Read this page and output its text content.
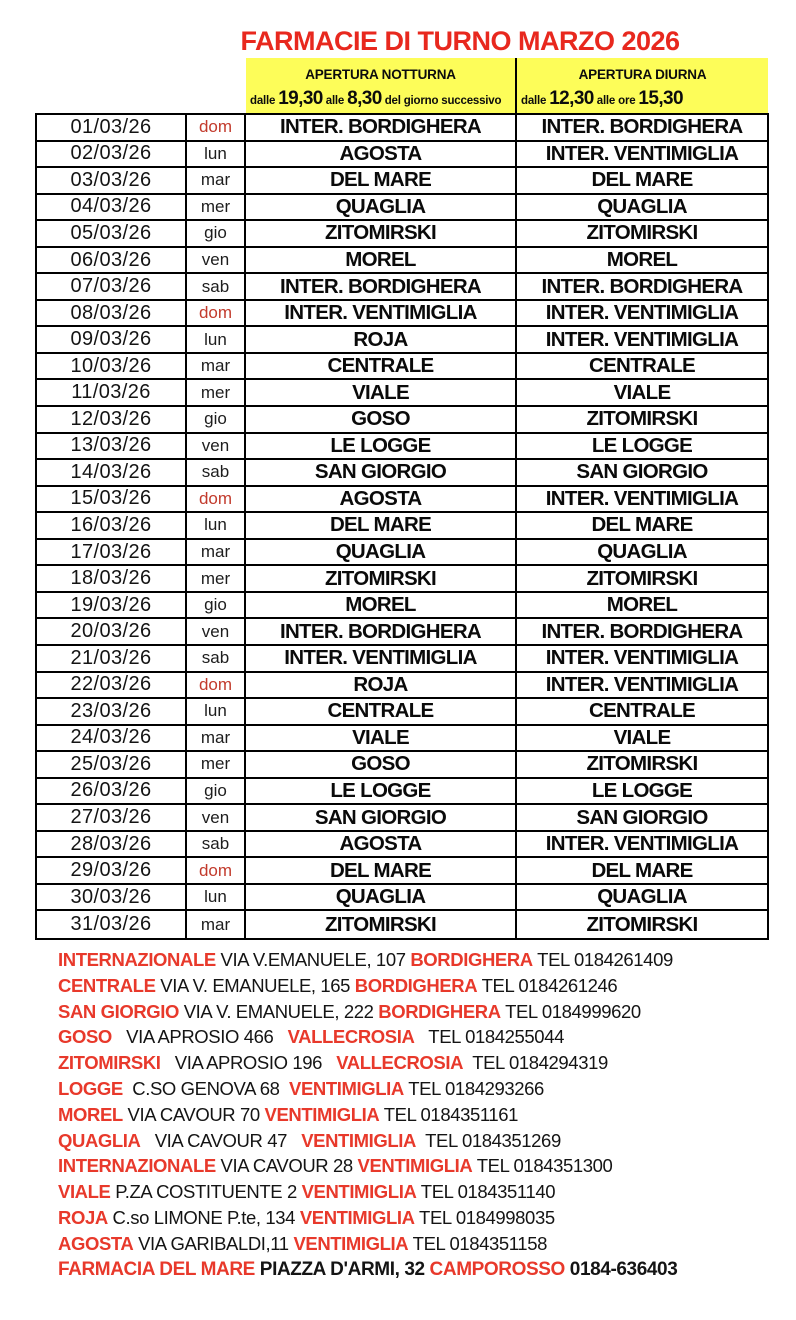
FARMACIE DI TURNO MARZO 2026
APERTURA NOTTURNA
dalle 19,30 alle 8,30 del giorno successivo
APERTURA DIURNA
dalle 12,30 alle ore 15,30
01/03/26	dom	INTER. BORDIGHERA	INTER. BORDIGHERA
02/03/26	lun	AGOSTA	INTER. VENTIMIGLIA
03/03/26	mar	DEL MARE	DEL MARE
04/03/26	mer	QUAGLIA	QUAGLIA
05/03/26	gio	ZITOMIRSKI	ZITOMIRSKI
06/03/26	ven	MOREL	MOREL
07/03/26	sab	INTER. BORDIGHERA	INTER. BORDIGHERA
08/03/26	dom	INTER. VENTIMIGLIA	INTER. VENTIMIGLIA
09/03/26	lun	ROJA	INTER. VENTIMIGLIA
10/03/26	mar	CENTRALE	CENTRALE
11/03/26	mer	VIALE	VIALE
12/03/26	gio	GOSO	ZITOMIRSKI
13/03/26	ven	LE LOGGE	LE LOGGE
14/03/26	sab	SAN GIORGIO	SAN GIORGIO
15/03/26	dom	AGOSTA	INTER. VENTIMIGLIA
16/03/26	lun	DEL MARE	DEL MARE
17/03/26	mar	QUAGLIA	QUAGLIA
18/03/26	mer	ZITOMIRSKI	ZITOMIRSKI
19/03/26	gio	MOREL	MOREL
20/03/26	ven	INTER. BORDIGHERA	INTER. BORDIGHERA
21/03/26	sab	INTER. VENTIMIGLIA	INTER. VENTIMIGLIA
22/03/26	dom	ROJA	INTER. VENTIMIGLIA
23/03/26	lun	CENTRALE	CENTRALE
24/03/26	mar	VIALE	VIALE
25/03/26	mer	GOSO	ZITOMIRSKI
26/03/26	gio	LE LOGGE	LE LOGGE
27/03/26	ven	SAN GIORGIO	SAN GIORGIO
28/03/26	sab	AGOSTA	INTER. VENTIMIGLIA
29/03/26	dom	DEL MARE	DEL MARE
30/03/26	lun	QUAGLIA	QUAGLIA
31/03/26	mar	ZITOMIRSKI	ZITOMIRSKI
INTERNAZIONALE VIA V.EMANUELE, 107 BORDIGHERA TEL 0184261409
CENTRALE VIA V. EMANUELE, 165 BORDIGHERA TEL 0184261246
SAN GIORGIO VIA V. EMANUELE, 222 BORDIGHERA TEL 0184999620
GOSO   VIA APROSIO 466   VALLECROSIA   TEL 0184255044
ZITOMIRSKI   VIA APROSIO 196   VALLECROSIA  TEL 0184294319
LOGGE  C.SO GENOVA 68  VENTIMIGLIA TEL 0184293266
MOREL VIA CAVOUR 70 VENTIMIGLIA TEL 0184351161
QUAGLIA   VIA CAVOUR 47   VENTIMIGLIA  TEL 0184351269
INTERNAZIONALE VIA CAVOUR 28 VENTIMIGLIA TEL 0184351300
VIALE P.ZA COSTITUENTE 2 VENTIMIGLIA TEL 0184351140
ROJA C.so LIMONE P.te, 134 VENTIMIGLIA TEL 0184998035
AGOSTA VIA GARIBALDI,11 VENTIMIGLIA TEL 0184351158
FARMACIA DEL MARE PIAZZA D'ARMI, 32 CAMPOROSSO 0184-636403
